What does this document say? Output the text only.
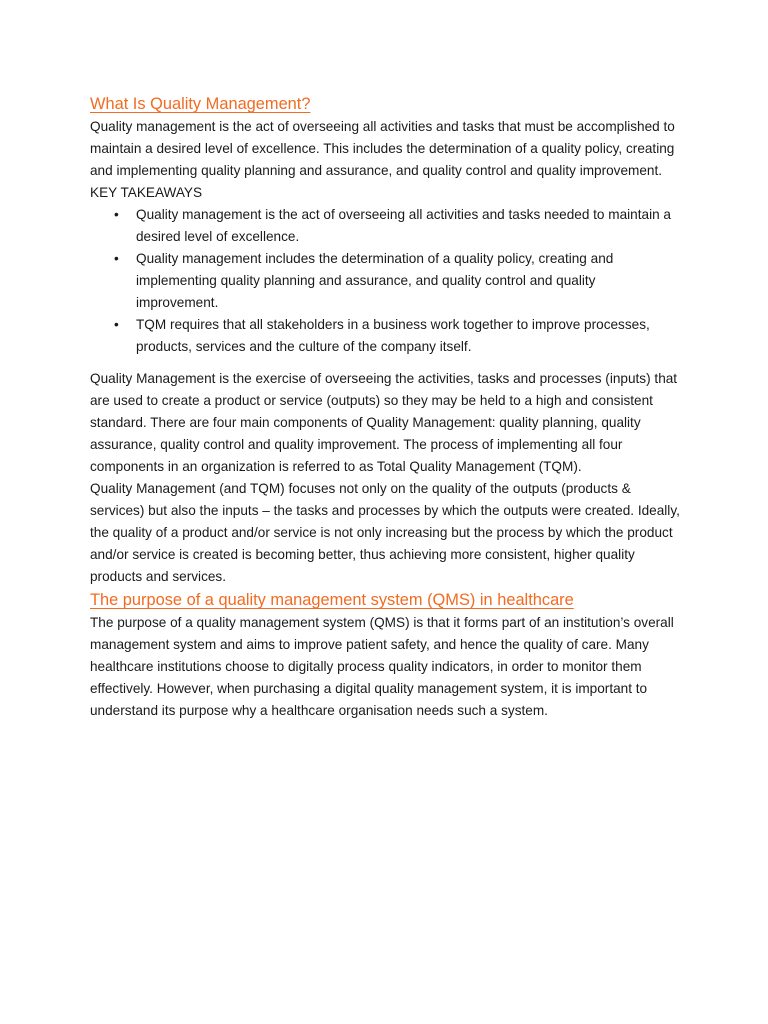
What Is Quality Management?

Quality management is the act of overseeing all activities and tasks that must be accomplished to maintain a desired level of excellence. This includes the determination of a quality policy, creating and implementing quality planning and assurance, and quality control and quality improvement.

KEY TAKEAWAYS

• Quality management is the act of overseeing all activities and tasks needed to maintain a desired level of excellence.
• Quality management includes the determination of a quality policy, creating and implementing quality planning and assurance, and quality control and quality improvement.
• TQM requires that all stakeholders in a business work together to improve processes, products, services and the culture of the company itself.

Quality Management is the exercise of overseeing the activities, tasks and processes (inputs) that are used to create a product or service (outputs) so they may be held to a high and consistent standard. There are four main components of Quality Management: quality planning, quality assurance, quality control and quality improvement. The process of implementing all four components in an organization is referred to as Total Quality Management (TQM).

Quality Management (and TQM) focuses not only on the quality of the outputs (products & services) but also the inputs – the tasks and processes by which the outputs were created. Ideally, the quality of a product and/or service is not only increasing but the process by which the product and/or service is created is becoming better, thus achieving more consistent, higher quality products and services.

The purpose of a quality management system (QMS) in healthcare

The purpose of a quality management system (QMS) is that it forms part of an institution’s overall management system and aims to improve patient safety, and hence the quality of care. Many healthcare institutions choose to digitally process quality indicators, in order to monitor them effectively. However, when purchasing a digital quality management system, it is important to understand its purpose why a healthcare organisation needs such a system.
